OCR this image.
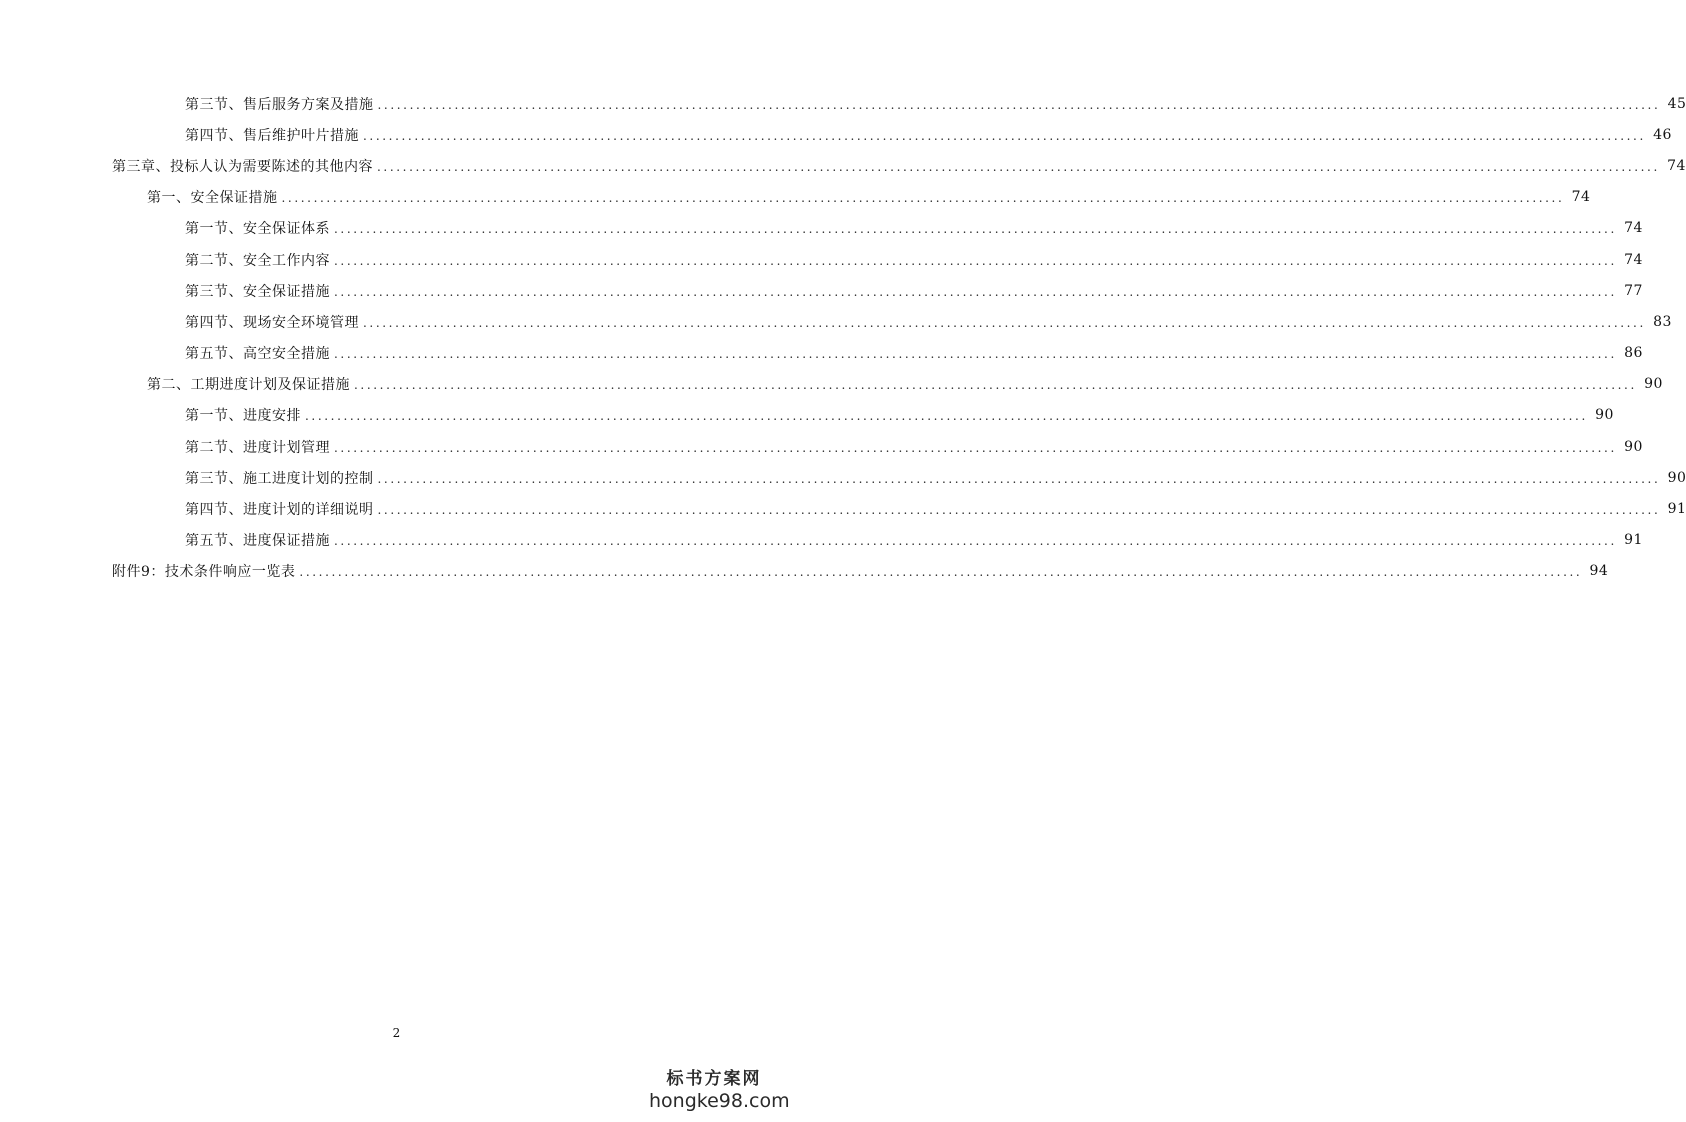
第三节、售后服务方案及措施 ........................................................................................................................................................................................................ 45
第四节、售后维护叶片措施 ........................................................................................................................................................................................................ 46
第三章、投标人认为需要陈述的其他内容 ........................................................................................................................................................................................................ 74
第一、安全保证措施 ........................................................................................................................................................................................................ 74
第一节、安全保证体系 ........................................................................................................................................................................................................ 74
第二节、安全工作内容 ........................................................................................................................................................................................................ 74
第三节、安全保证措施 ........................................................................................................................................................................................................ 77
第四节、现场安全环境管理 ........................................................................................................................................................................................................ 83
第五节、高空安全措施 ........................................................................................................................................................................................................ 86
第二、工期进度计划及保证措施 ........................................................................................................................................................................................................ 90
第一节、进度安排 ........................................................................................................................................................................................................ 90
第二节、进度计划管理 ........................................................................................................................................................................................................ 90
第三节、施工进度计划的控制 ........................................................................................................................................................................................................ 90
第四节、进度计划的详细说明 ........................................................................................................................................................................................................ 91
第五节、进度保证措施 ........................................................................................................................................................................................................ 91
附件9：技术条件响应一览表 ........................................................................................................................................................................................................ 94
2
标书方案网
hongke98.com
